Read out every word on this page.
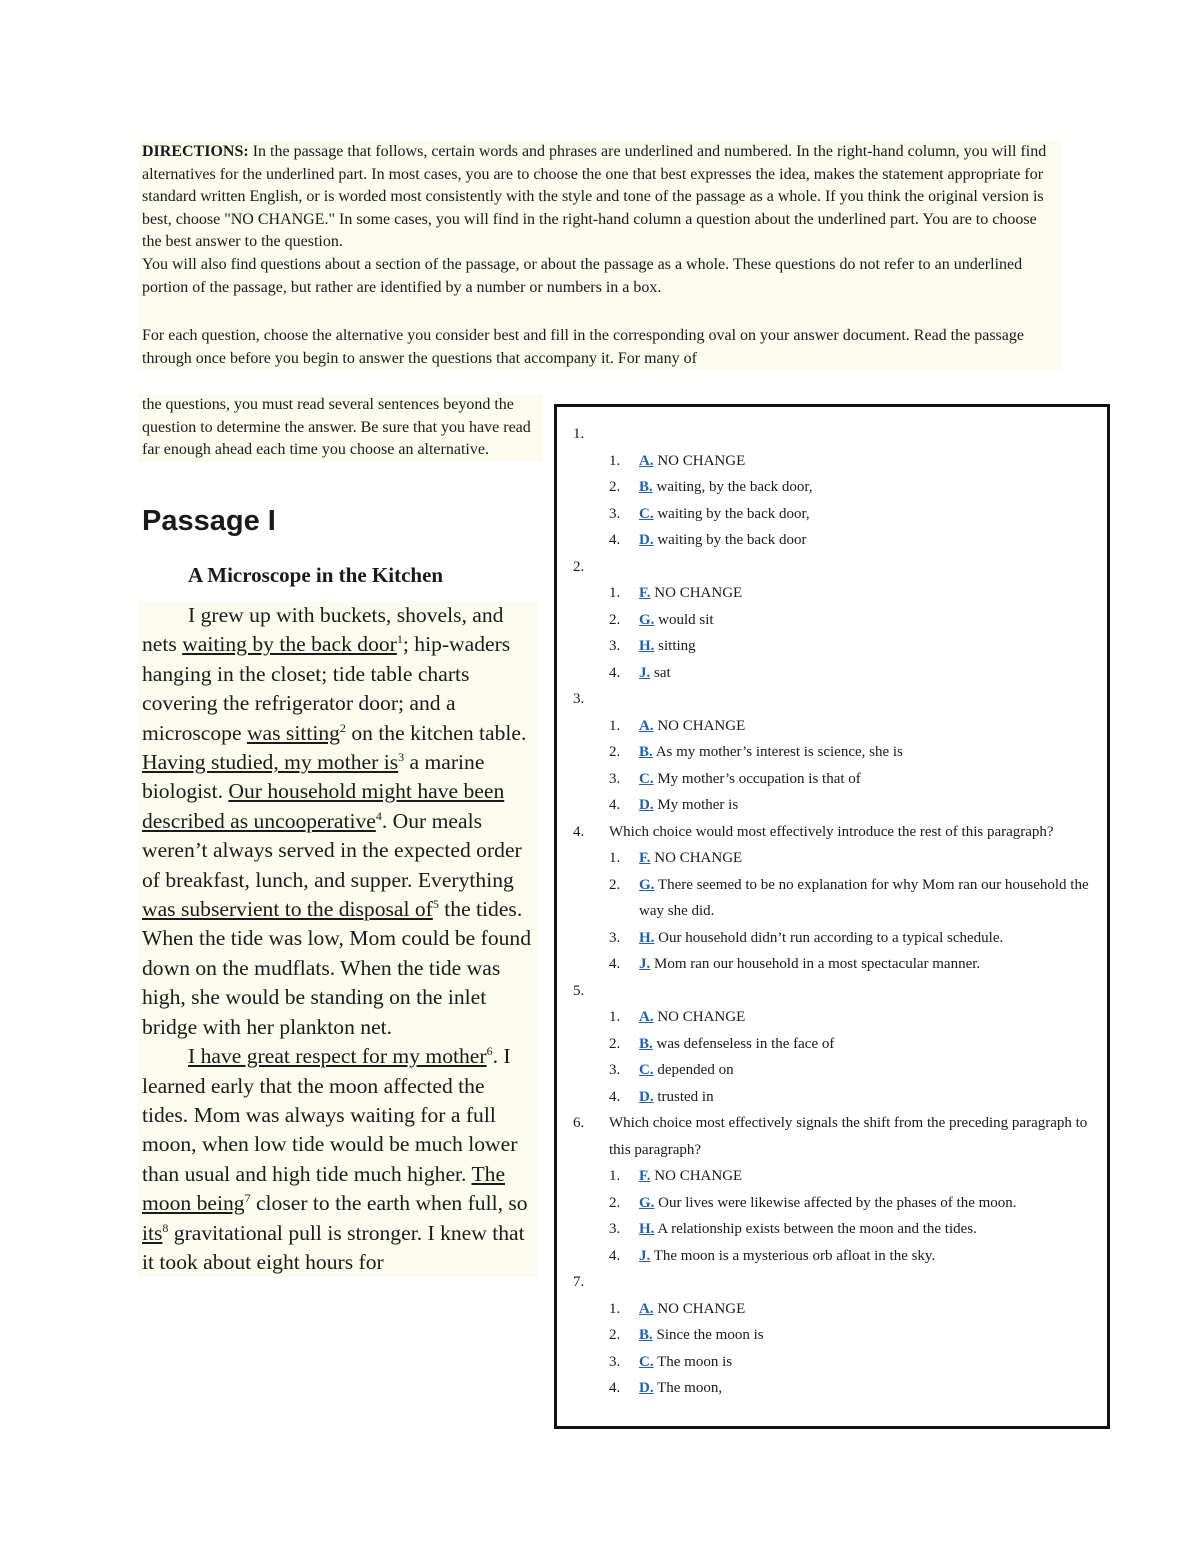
DIRECTIONS: In the passage that follows, certain words and phrases are underlined and numbered. In the right-hand column, you will find alternatives for the underlined part. In most cases, you are to choose the one that best expresses the idea, makes the statement appropriate for standard written English, or is worded most consistently with the style and tone of the passage as a whole. If you think the original version is best, choose "NO CHANGE." In some cases, you will find in the right-hand column a question about the underlined part. You are to choose the best answer to the question.

You will also find questions about a section of the passage, or about the passage as a whole. These questions do not refer to an underlined portion of the passage, but rather are identified by a number or numbers in a box.

For each question, choose the alternative you consider best and fill in the corresponding oval on your answer document. Read the passage through once before you begin to answer the questions that accompany it. For many of

the questions, you must read several sentences beyond the question to determine the answer. Be sure that you have read far enough ahead each time you choose an alternative.
Passage I
A Microscope in the Kitchen

I grew up with buckets, shovels, and nets waiting by the back door$^1$; hip-waders hanging in the closet; tide table charts covering the refrigerator door; and a microscope was sitting$^2$ on the kitchen table. Having studied, my mother $is^3$ a marine biologist. Our household might have been described as uncooperative$^4$. Our meals weren’t always served in the expected order of breakfast, lunch, and supper. Everything was subservient to the disposal $of^5$ the tides. When the tide was low, Mom could be found down on the mudflats. When the tide was high, she would be standing on the inlet bridge with her plankton net.

I have great respect for my mother$^6$. I learned early that the moon affected the tides. Mom was always waiting for a full moon, when low tide would be much lower than usual and high tide much higher. The moon being$^7$ closer to the earth when full, so its$^8$ gravitational pull is stronger. I knew that it took about eight hours for

1.
1.	A. NO CHANGE
2.	B. waiting, by the back door,
3.	C. waiting by the back door,
4.	D. waiting by the back door
2.
1.	F. NO CHANGE
2.	G. would sit
3.	H. sitting
4.	J. sat
3.
1.	A. NO CHANGE
2.	B. As my mother’s interest is science, she is
3.	C. My mother’s occupation is that of
4.	D. My mother is
4.	Which choice would most effectively introduce the rest of this paragraph?
1.	F. NO CHANGE
2.	G. There seemed to be no explanation for why Mom ran our household the way she did.
3.	H. Our household didn’t run according to a typical schedule.
4.	J. Mom ran our household in a most spectacular manner.
5.
1.	A. NO CHANGE
2.	B. was defenseless in the face of
3.	C. depended on
4.	D. trusted in
6.	Which choice most effectively signals the shift from the preceding paragraph to this paragraph?
1.	F. NO CHANGE
2.	G. Our lives were likewise affected by the phases of the moon.
3.	H. A relationship exists between the moon and the tides.
4.	J. The moon is a mysterious orb afloat in the sky.
7.
1.	A. NO CHANGE
2.	B. Since the moon is
3.	C. The moon is
4.	D. The moon,
